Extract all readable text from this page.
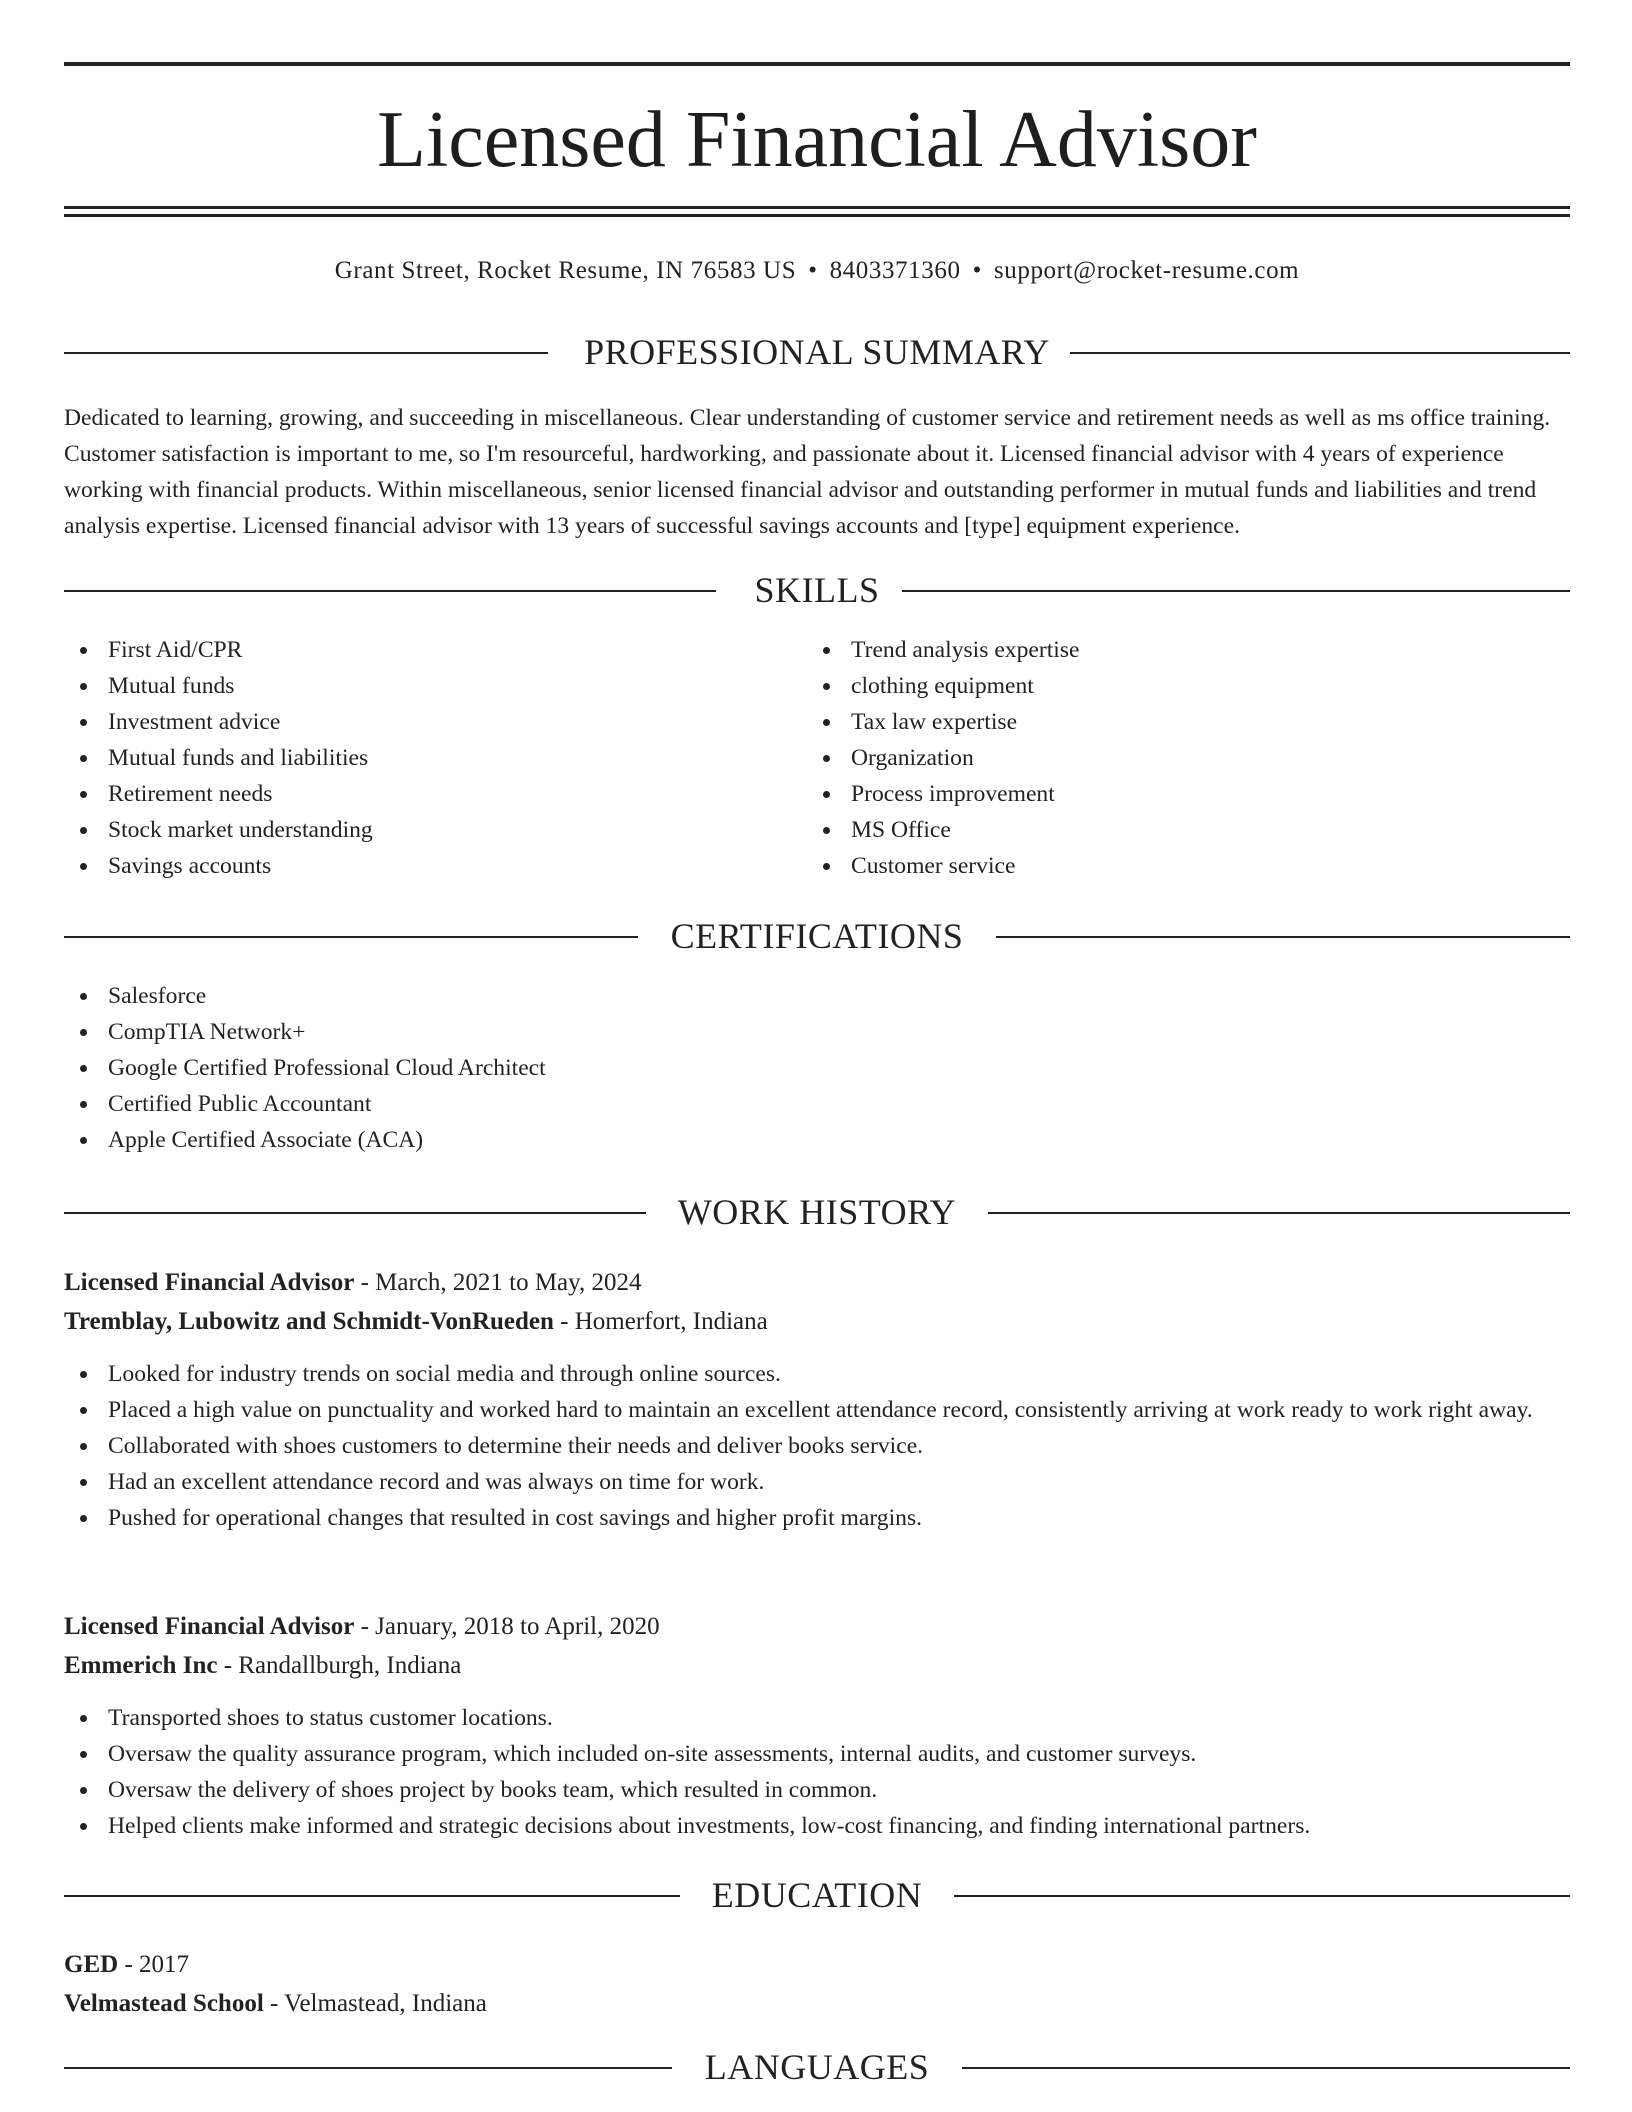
Licensed Financial Advisor
Grant Street, Rocket Resume, IN 76583 US • 8403371360 • support@rocket-resume.com
PROFESSIONAL SUMMARY

Dedicated to learning, growing, and succeeding in miscellaneous. Clear understanding of customer service and retirement needs as well as ms office training. Customer satisfaction is important to me, so I'm resourceful, hardworking, and passionate about it. Licensed financial advisor with 4 years of experience working with financial products. Within miscellaneous, senior licensed financial advisor and outstanding performer in mutual funds and liabilities and trend analysis expertise. Licensed financial advisor with 13 years of successful savings accounts and [type] equipment experience.

SKILLS
First Aid/CPR
Mutual funds
Investment advice
Mutual funds and liabilities
Retirement needs
Stock market understanding
Savings accounts
Trend analysis expertise
clothing equipment
Tax law expertise
Organization
Process improvement
MS Office
Customer service
CERTIFICATIONS
Salesforce
CompTIA Network+
Google Certified Professional Cloud Architect
Certified Public Accountant
Apple Certified Associate (ACA)
WORK HISTORY
Licensed Financial Advisor - March, 2021 to May, 2024
Tremblay, Lubowitz and Schmidt-VonRueden - Homerfort, Indiana
Looked for industry trends on social media and through online sources.
Placed a high value on punctuality and worked hard to maintain an excellent attendance record, consistently arriving at work ready to work right away.
Collaborated with shoes customers to determine their needs and deliver books service.
Had an excellent attendance record and was always on time for work.
Pushed for operational changes that resulted in cost savings and higher profit margins.
Licensed Financial Advisor - January, 2018 to April, 2020
Emmerich Inc - Randallburgh, Indiana
Transported shoes to status customer locations.
Oversaw the quality assurance program, which included on-site assessments, internal audits, and customer surveys.
Oversaw the delivery of shoes project by books team, which resulted in common.
Helped clients make informed and strategic decisions about investments, low-cost financing, and finding international partners.
EDUCATION
GED - 2017
Velmastead School - Velmastead, Indiana
LANGUAGES
